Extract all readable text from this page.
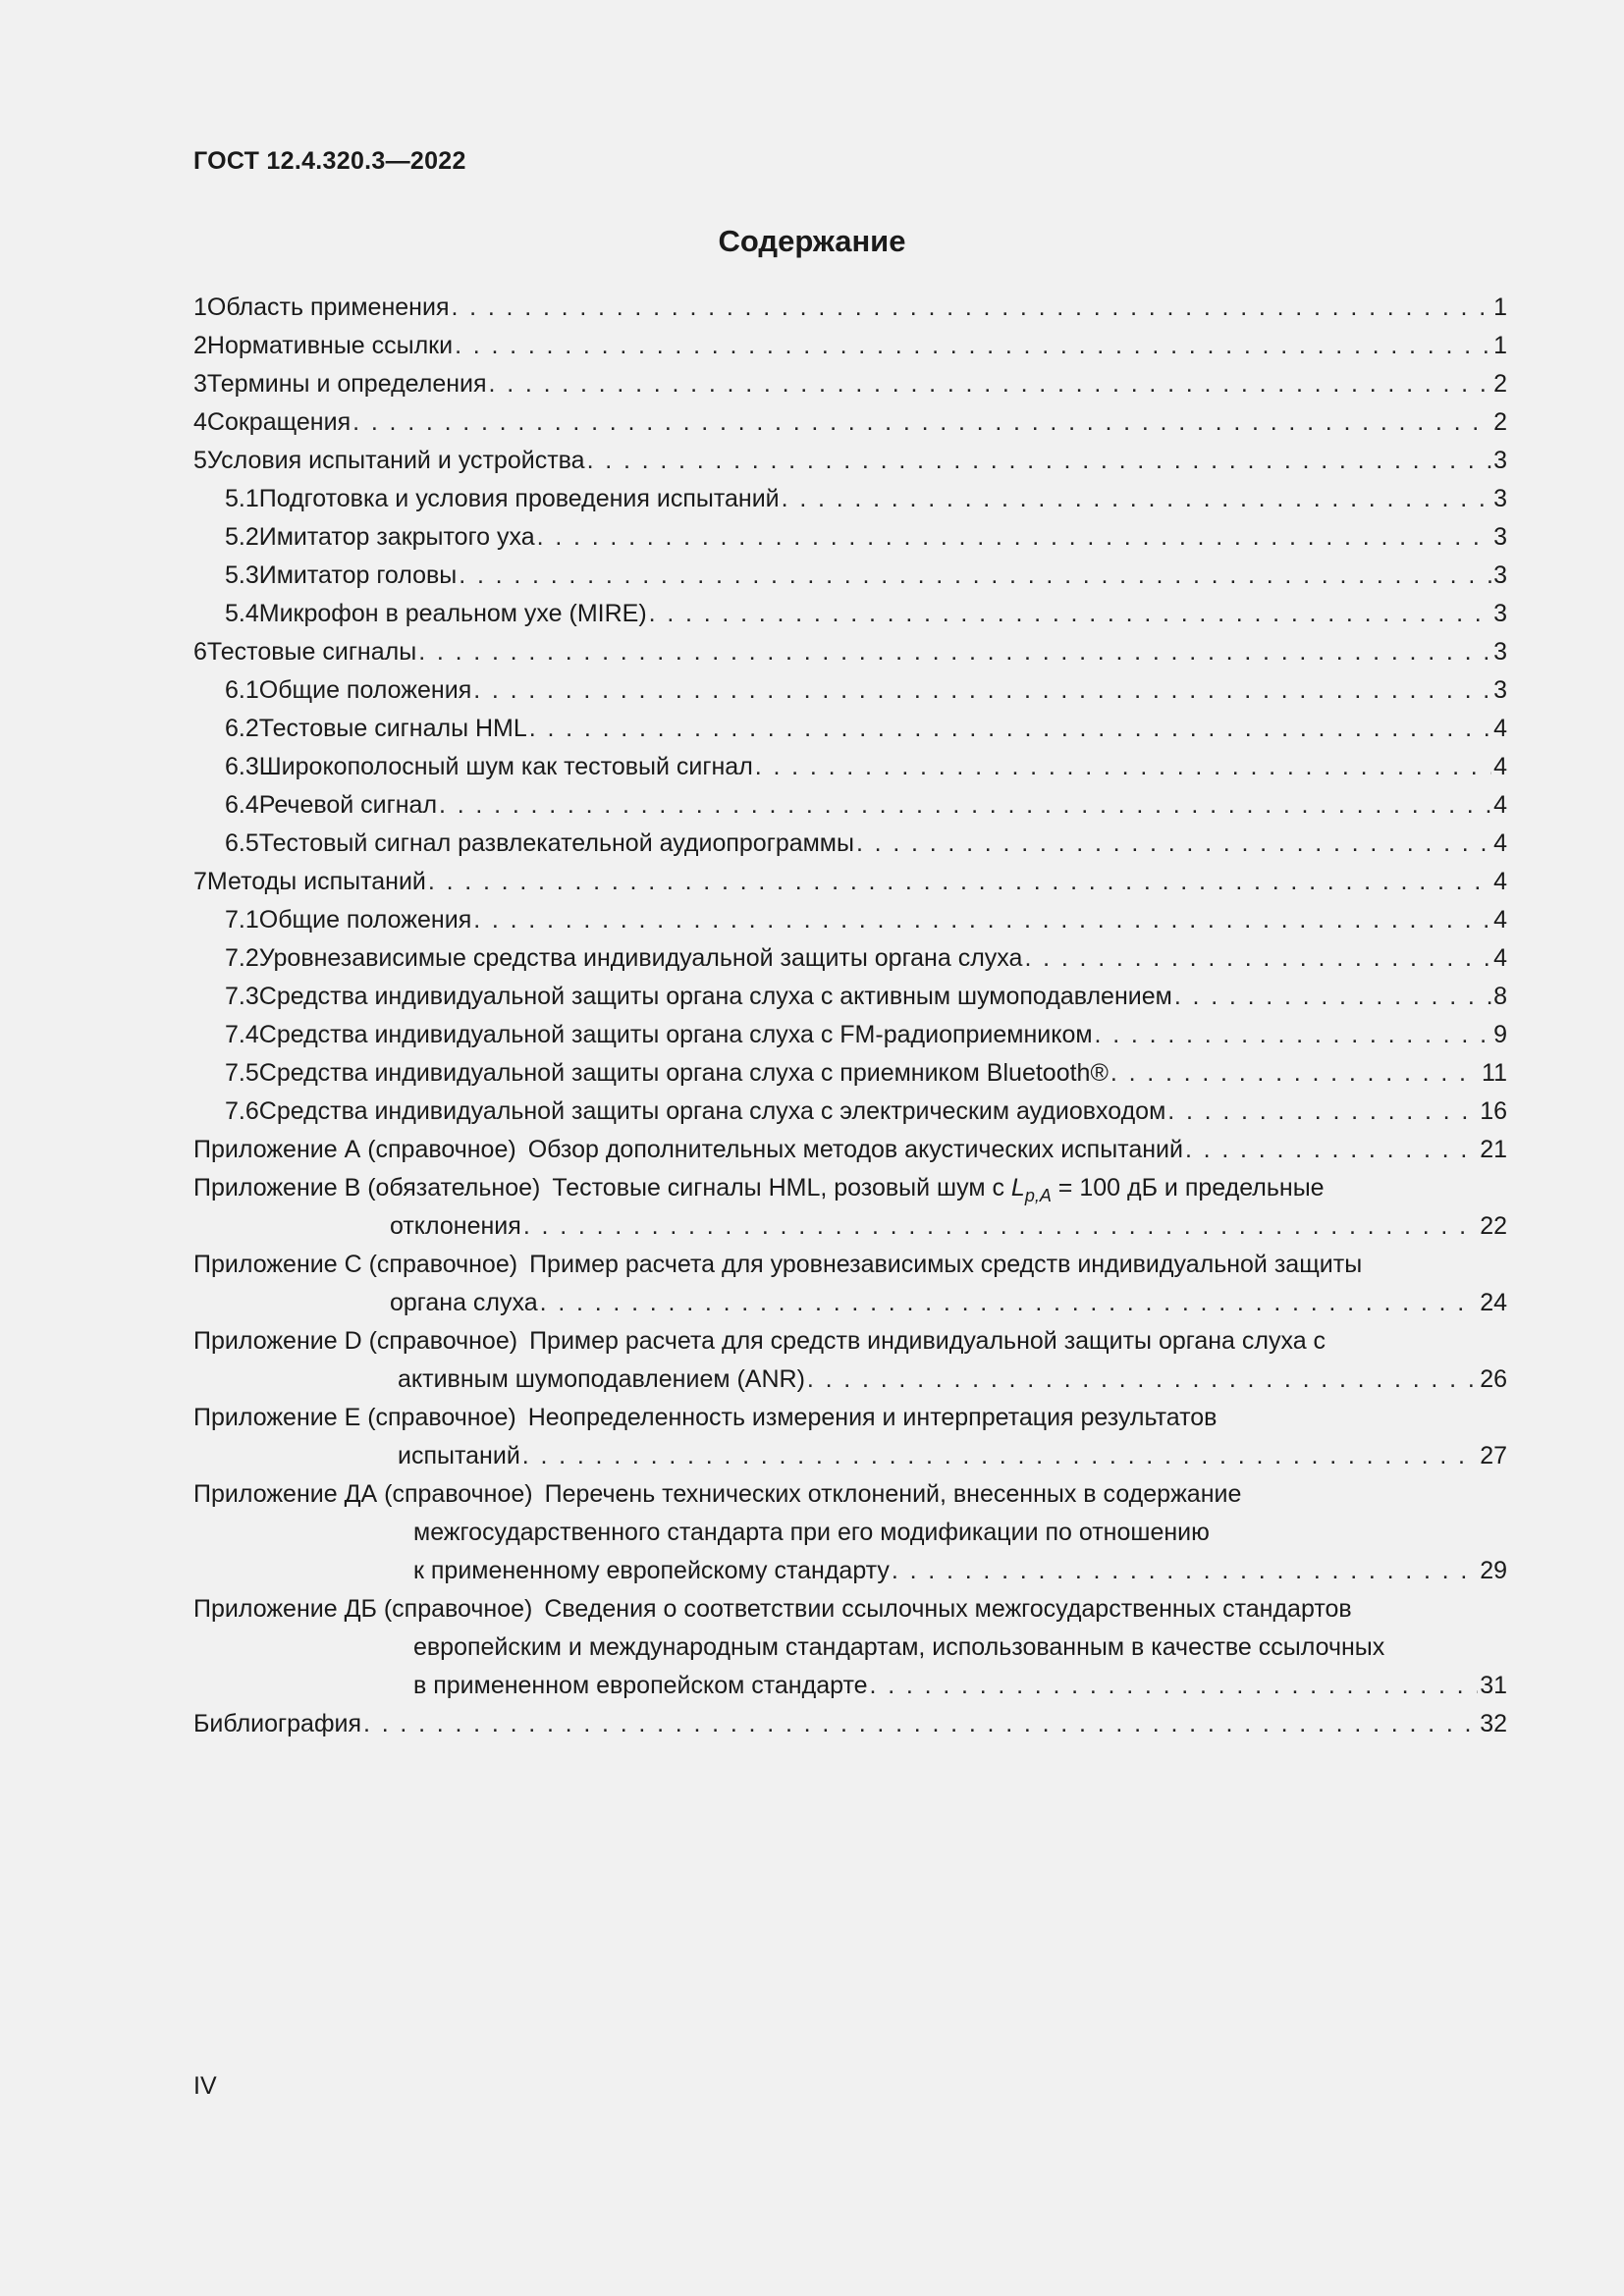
ГОСТ 12.4.320.3—2022
Содержание
1 Область применения . . .	1
2 Нормативные ссылки . . .	1
3 Термины и определения . . .	2
4 Сокращения . . .	2
5 Условия испытаний и устройства . . .	3
5.1 Подготовка и условия проведения испытаний . . .	3
5.2 Имитатор закрытого уха . . .	3
5.3 Имитатор головы . . .	3
5.4 Микрофон в реальном ухе (MIRE) . . .	3
6 Тестовые сигналы . . .	3
6.1 Общие положения . . .	3
6.2 Тестовые сигналы HML . . .	4
6.3 Широкополосный шум как тестовый сигнал . . .	4
6.4 Речевой сигнал . . .	4
6.5 Тестовый сигнал развлекательной аудиопрограммы . . .	4
7 Методы испытаний . . .	4
7.1 Общие положения . . .	4
7.2 Уровнезависимые средства индивидуальной защиты органа слуха . . .	4
7.3 Средства индивидуальной защиты органа слуха с активным шумоподавлением . . .	8
7.4 Средства индивидуальной защиты органа слуха с FM-радиоприемником . . .	9
7.5 Средства индивидуальной защиты органа слуха с приемником Bluetooth® . . .	11
7.6 Средства индивидуальной защиты органа слуха с электрическим аудиовходом . . .	16
Приложение А (справочное) Обзор дополнительных методов акустических испытаний . . .	21
Приложение В (обязательное) Тестовые сигналы HML, розовый шум с $L_{p,A} = 100$ дБ и предельные
отклонения . . .	22
Приложение С (справочное) Пример расчета для уровнезависимых средств индивидуальной защиты
органа слуха . . .	24
Приложение D (справочное) Пример расчета для средств индивидуальной защиты органа слуха с
активным шумоподавлением (ANR) . . .	26
Приложение Е (справочное) Неопределенность измерения и интерпретация результатов
испытаний . . .	27
Приложение ДА (справочное) Перечень технических отклонений, внесенных в содержание
межгосударственного стандарта при его модификации по отношению
к примененному европейскому стандарту . . .	29
Приложение ДБ (справочное) Сведения о соответствии ссылочных межгосударственных стандартов
европейским и международным стандартам, использованным в качестве ссылочных
в примененном европейском стандарте . . .	31
Библиография . . .	32
IV
